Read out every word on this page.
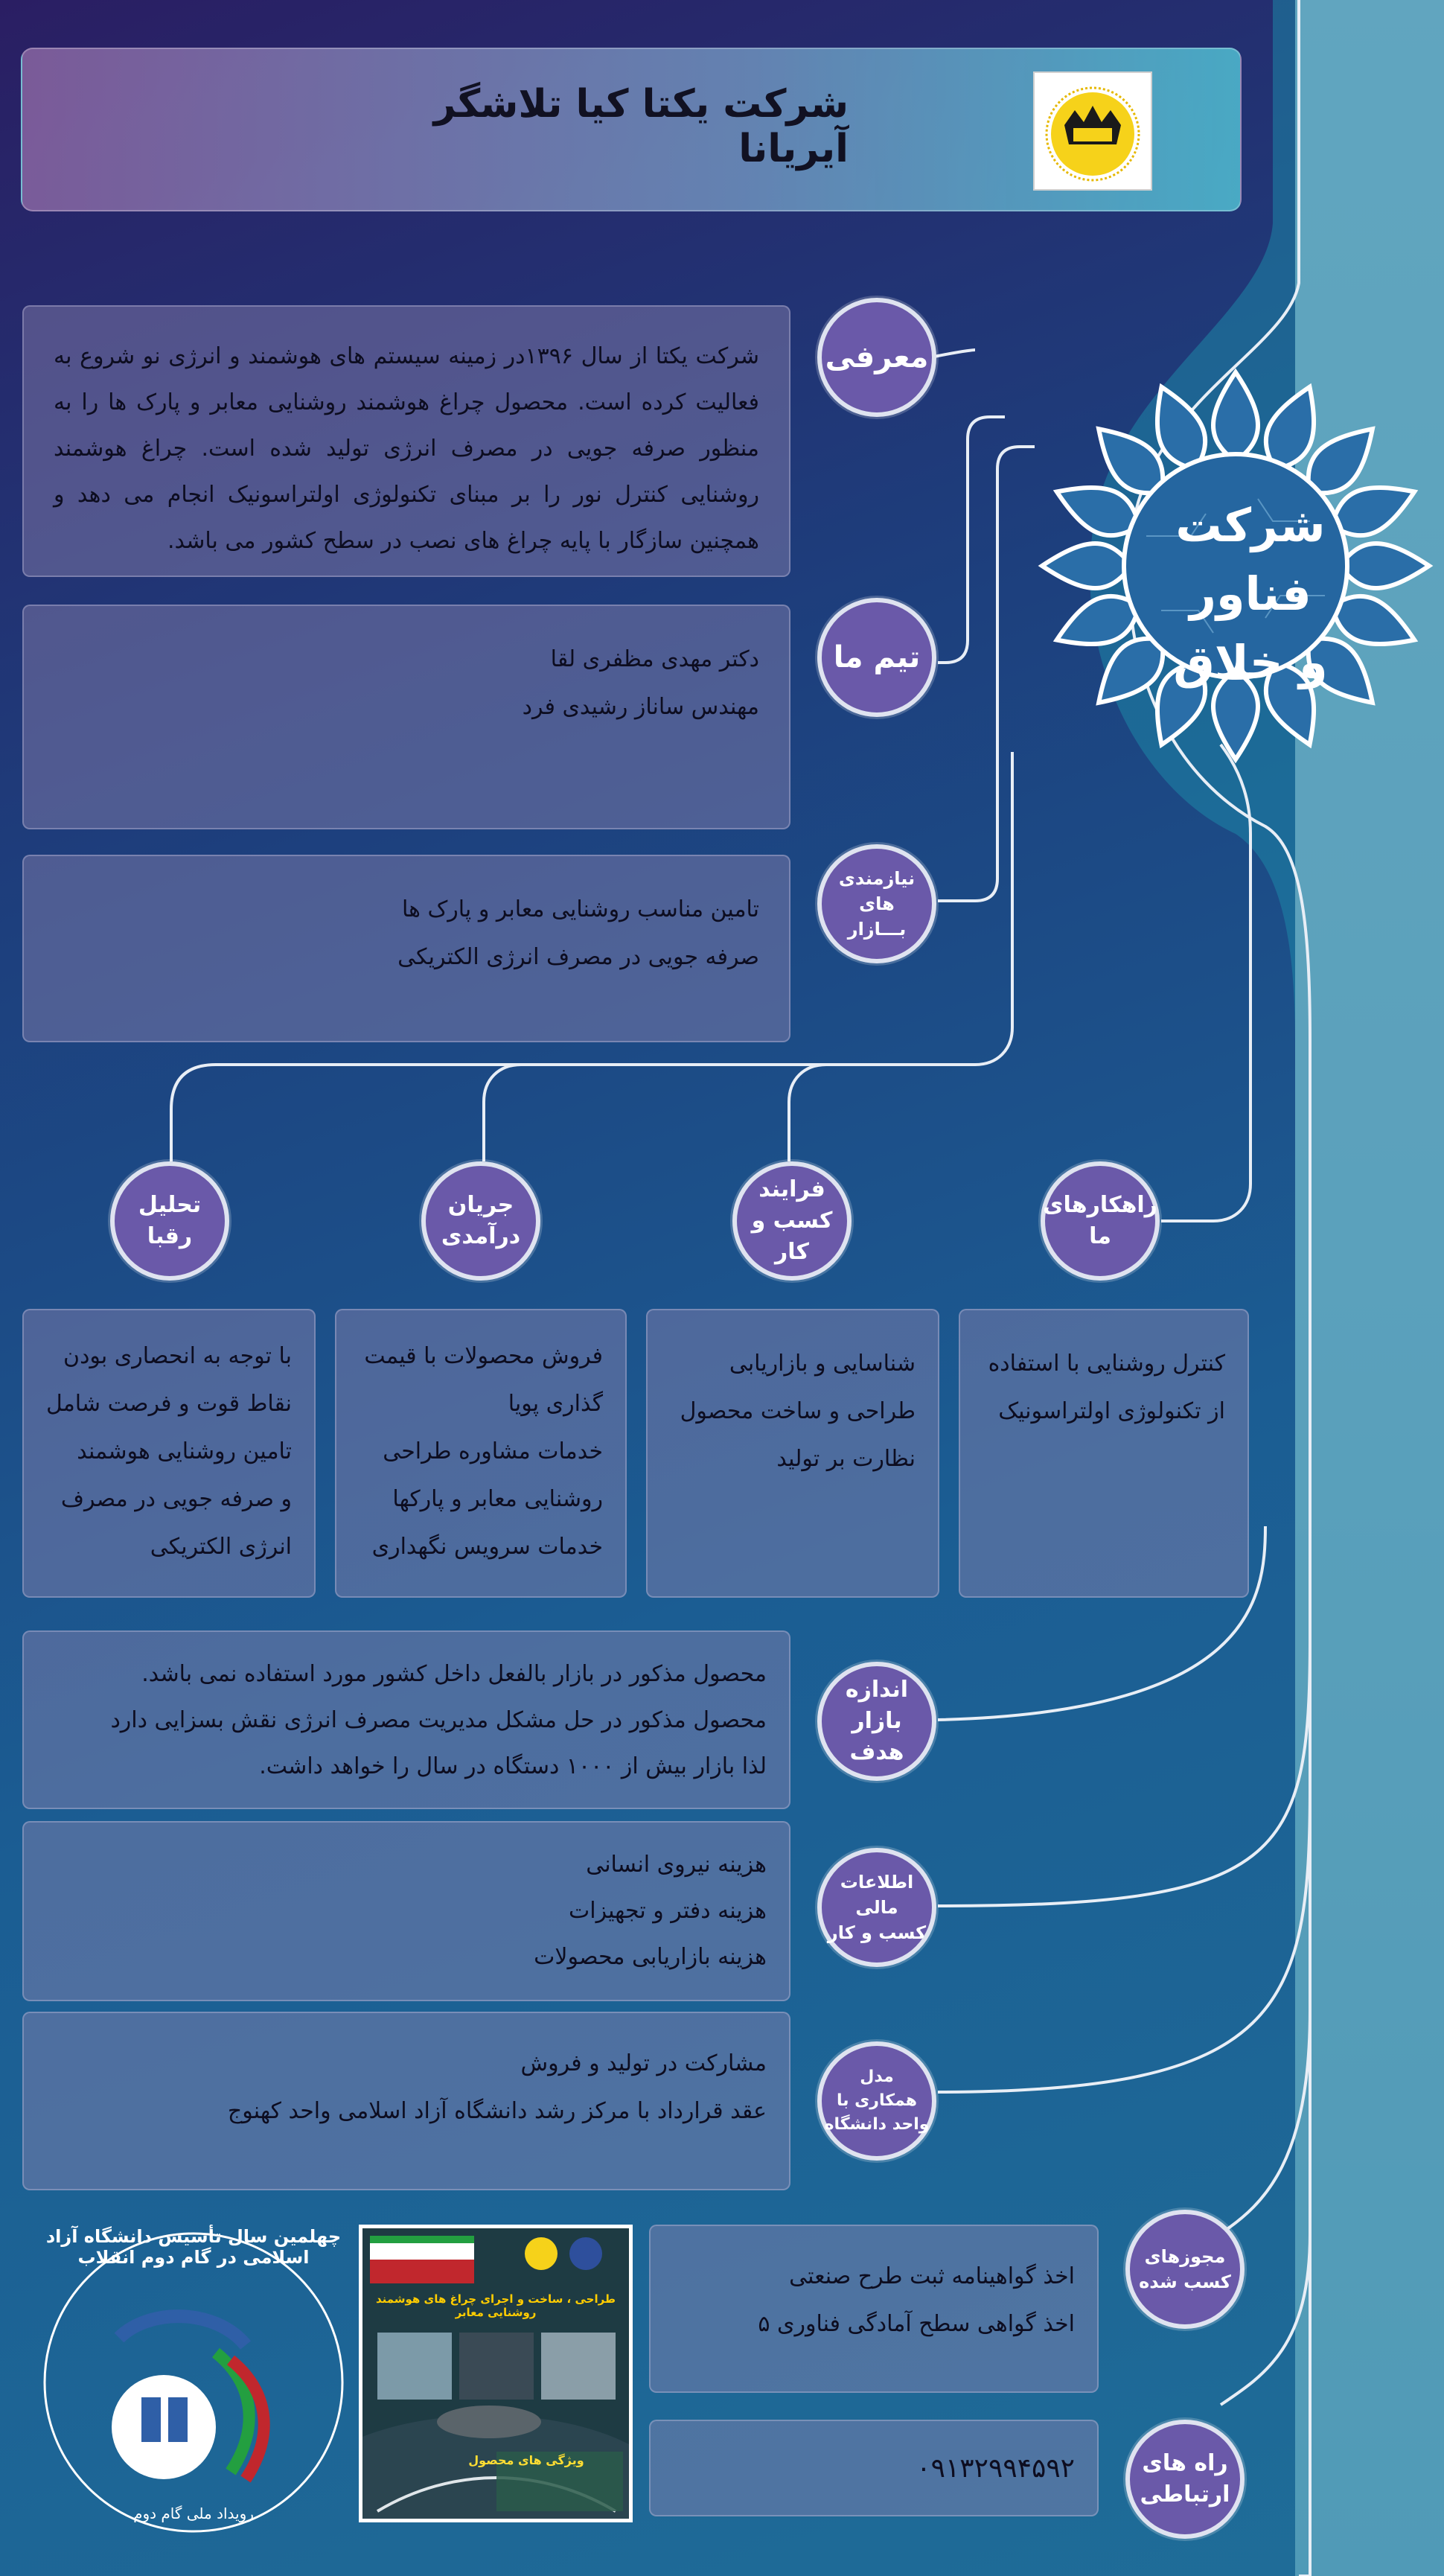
شرکت یکتا کیا تلاشگر آیریانا
شرکت فناور
و خلاق

شرکت یکتا از سال ۱۳۹۶در زمینه سیستم های هوشمند و انرژی نو شروع به فعالیت کرده است. محصول چراغ هوشمند روشنایی معابر و پارک ها را به منظور صرفه جویی در مصرف انرژی تولید شده است. چراغ هوشمند روشنایی کنترل نور را بر مبنای تکنولوژی اولتراسونیک انجام می دهد و همچنین سازگار با پایه چراغ های نصب در سطح کشور می باشد.

معرفی

دکتر مهدی مظفری لقا

مهندس ساناز رشیدی فرد

تیم ما

تامین مناسب روشنایی معابر و پارک ها

صرفه جویی در مصرف انرژی الکتریکی

نیازمندی های
بـــازار
راهکارهای
ما
فرایند
کسب و کار
جریان
درآمدی
تحلیل رقبا

کنترل روشنایی با استفاده

از تکنولوژی اولتراسونیک

شناسایی و بازاریابی

طراحی و ساخت محصول

نظارت بر تولید

فروش محصولات با قیمت

گذاری پویا

خدمات مشاوره طراحی

روشنایی معابر و پارکها

خدمات سرویس نگهداری

با توجه به انحصاری بودن

نقاط قوت و فرصت شامل

تامین روشنایی هوشمند

و صرفه جویی در مصرف

انرژی الکتریکی

محصول مذکور در بازار بالفعل داخل کشور مورد استفاده نمی باشد.

محصول مذکور در حل مشکل مدیریت مصرف انرژی نقش بسزایی دارد

لذا بازار بیش از ۱۰۰۰ دستگاه در سال را خواهد داشت.

اندازه بازار
هدف

هزینه نیروی انسانی

هزینه دفتر و تجهیزات

هزینه بازاریابی محصولات

اطلاعات مالی
کسب و کار

مشارکت در تولید و فروش

عقد قرارداد با مرکز رشد دانشگاه آزاد اسلامی واحد کهنوج

مدل
همکاری با
واحد دانشگاه

اخذ گواهینامه ثبت طرح صنعتی

اخذ گواهی سطح آمادگی فناوری ۵

مجوزهای
کسب شده
۰۹۱۳۲۹۹۴۵۹۲	راه های
ارتباطی
طراحی ، ساخت و اجرای چراغ های هوشمند روشنایی معابر
ویژگی های محصول
چهلمین سال تأسیس دانشگاه آزاد اسلامی در گام دوم انقلاب
رویداد ملی گام دوم
